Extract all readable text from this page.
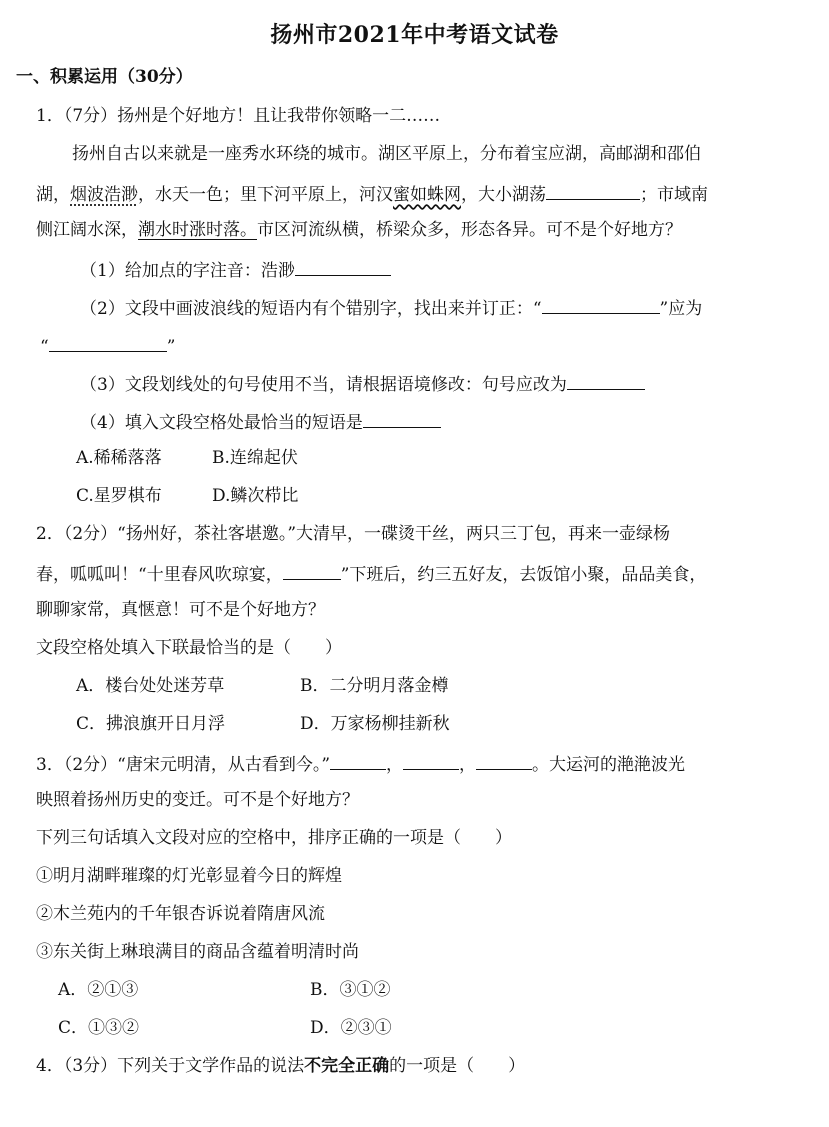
扬州市2021年中考语文试卷
一、积累运用（30分）
1．（7分）扬州是个好地方！且让我带你领略一二……
扬州自古以来就是一座秀水环绕的城市。湖区平原上，分布着宝应湖，高邮湖和邵伯
湖，烟波浩渺，水天一色；里下河平原上，河汉蜜如蛛网，大小湖荡	；市域南
侧江阔水深，潮水时涨时落。市区河流纵横，桥梁众多，形态各异。可不是个好地方？
（1）给加点的字注音：浩渺
（2）文段中画波浪线的短语内有个错别字，找出来并订正：“	”应为
“	”
（3）文段划线处的句号使用不当，请根据语境修改：句号应改为
（4）填入文段空格处最恰当的短语是
A.稀稀落落	B.连绵起伏
C.星罗棋布	D.鳞次栉比
2．（2分）“扬州好，茶社客堪邀。”大清早，一碟烫干丝，两只三丁包，再来一壶绿杨
春，呱呱叫！“十里春风吹琼宴，	”下班后，约三五好友，去饭馆小聚，品品美食，
聊聊家常，真惬意！可不是个好地方？
文段空格处填入下联最恰当的是（　　）
A．楼台处处迷芳草	B．二分明月落金樽
C．拂浪旗开日月浮	D．万家杨柳挂新秋
3．（2分）“唐宋元明清，从古看到今。”	，	，	。大运河的滟滟波光
映照着扬州历史的变迁。可不是个好地方？
下列三句话填入文段对应的空格中，排序正确的一项是（　　）
①明月湖畔璀璨的灯光彰显着今日的辉煌
②木兰苑内的千年银杏诉说着隋唐风流
③东关街上琳琅满目的商品含蕴着明清时尚
A．②①③	B．③①②
C．①③②	D．②③①
4．（3分）下列关于文学作品的说法不完全正确的一项是（　　）
